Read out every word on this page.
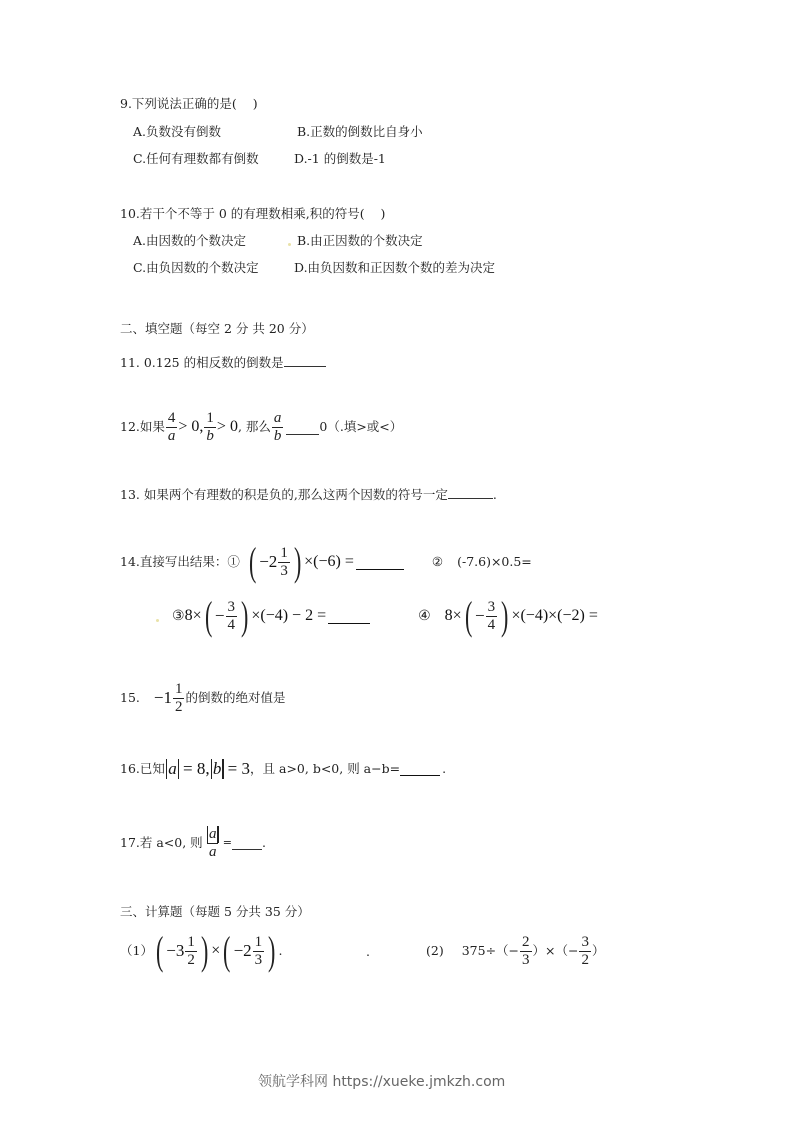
9.下列说法正确的是(    )
A.负数没有倒数	B.正数的倒数比自身小
C.任何有理数都有倒数	D.-1 的倒数是-1
10.若干个不等于 0 的有理数相乘,积的符号(    )
A.由因数的个数决定	B.由正因数的个数决定
C.由负因数的个数决定	D.由负因数和正因数个数的差为决定
二、填空题（每空 2 分 共 20 分）
11. 0.125 的相反数的倒数是
12.如果 $\frac{4}{a} > 0$, $\frac{1}{b} > 0$ , 那么 $\frac{a}{b}$	0（.填>或<）
13. 如果两个有理数的积是负的,那么这两个因数的符号一定	.
14.直接写出结果：① ( $-2 \frac{1}{3}$ ) ×(−6) =	② (-7.6)×0.5=
③ 8× ( − $\frac{3}{4}$ ) ×(−4) − 2 =	④ 8× ( − $\frac{3}{4}$ ) ×(−4)×(−2) =
15. $-1 \frac{1}{2}$ 的倒数的绝对值是
16.已知 a = 8, b = 3 ，且 a>0, b<0, 则 a−b=	.
17.若 a<0, 则 $\frac{a}{a}$ = .
三、计算题（每题 5 分共 35 分）
（1） ( $-3 \frac{1}{2}$ ) × ( $-2 \frac{1}{3}$ ) .	.	(2) $375\div(- \frac{2}{3}$ ）×（− $\frac{3}{2}$ ）
领航学科网 https://xueke.jmkzh.com
